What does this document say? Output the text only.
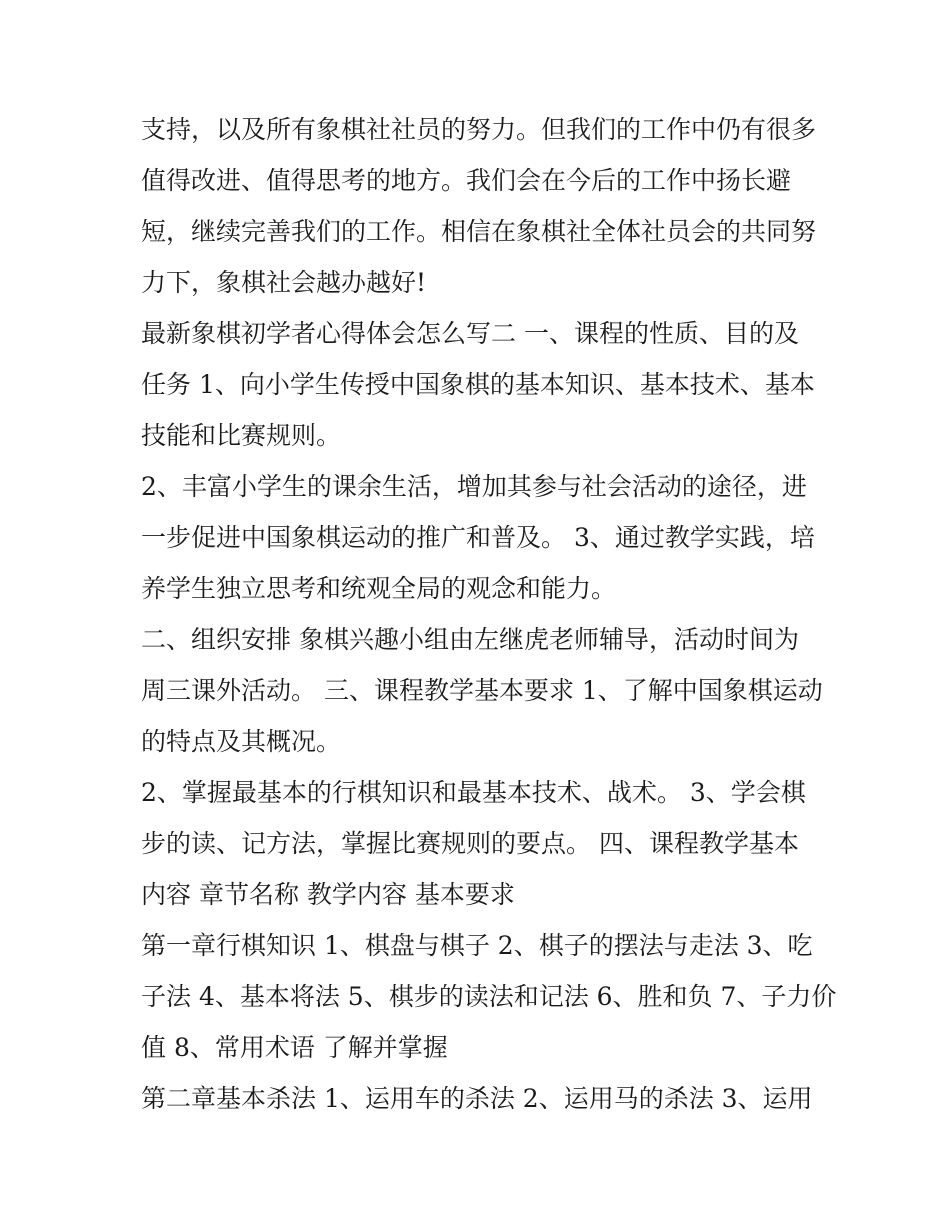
支持，以及所有象棋社社员的努力。但我们的工作中仍有很多
值得改进、值得思考的地方。我们会在今后的工作中扬长避
短，继续完善我们的工作。相信在象棋社全体社员会的共同努
力下，象棋社会越办越好!

最新象棋初学者心得体会怎么写二 一、课程的性质、目的及
任务 1、向小学生传授中国象棋的基本知识、基本技术、基本
技能和比赛规则。

2、丰富小学生的课余生活，增加其参与社会活动的途径，进
一步促进中国象棋运动的推广和普及。 3、通过教学实践，培
养学生独立思考和统观全局的观念和能力。

二、组织安排 象棋兴趣小组由左继虎老师辅导，活动时间为
周三课外活动。 三、课程教学基本要求 1、了解中国象棋运动
的特点及其概况。

2、掌握最基本的行棋知识和最基本技术、战术。 3、学会棋
步的读、记方法，掌握比赛规则的要点。 四、课程教学基本
内容 章节名称 教学内容 基本要求

第一章行棋知识 1、棋盘与棋子 2、棋子的摆法与走法 3、吃
子法 4、基本将法 5、棋步的读法和记法 6、胜和负 7、子力价
值 8、常用术语 了解并掌握

第二章基本杀法 1、运用车的杀法 2、运用马的杀法 3、运用
